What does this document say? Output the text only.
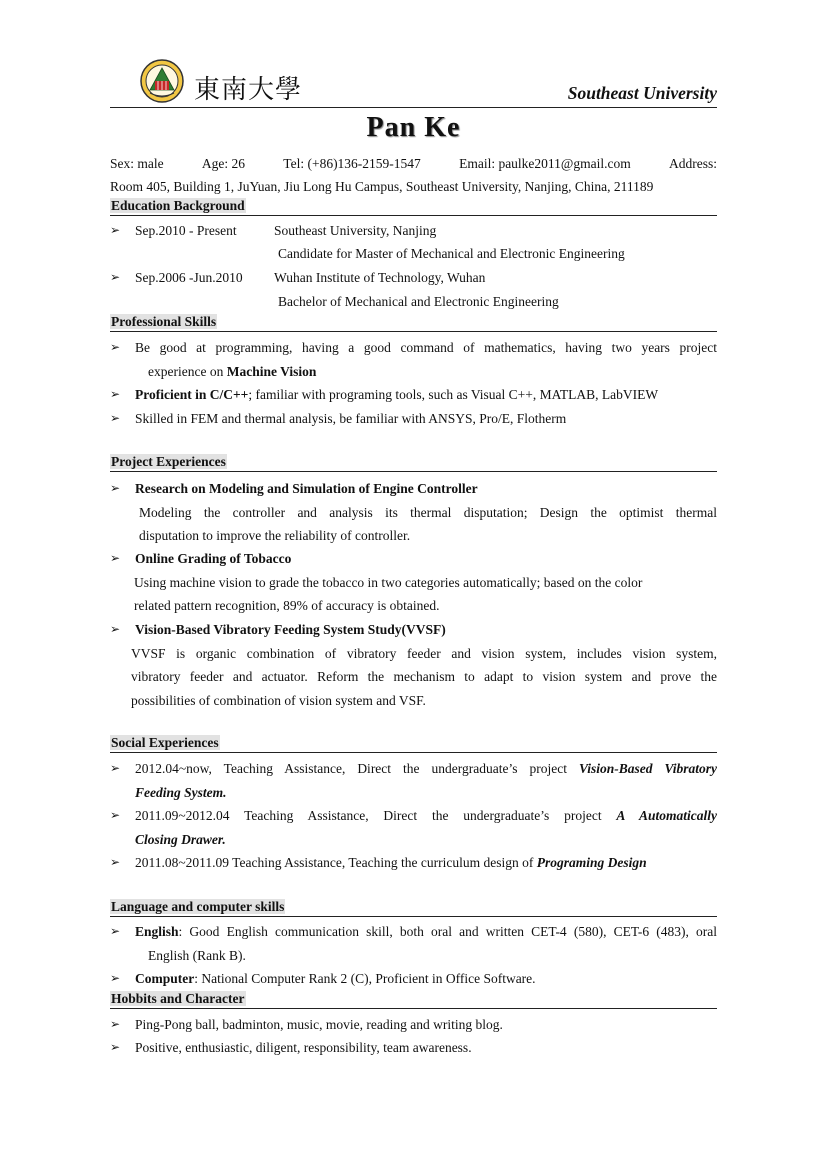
東南大學	Southeast University
Pan Ke
Sex: male	Age: 26	Tel: (+86)136-2159-1547	Email: paulke2011@gmail.com	Address:
Room 405, Building 1, JuYuan, Jiu Long Hu Campus, Southeast University, Nanjing, China, 211189
Education Background
➢ Sep.2010 - Present	Southeast University, Nanjing
Candidate for Master of Mechanical and Electronic Engineering
➢ Sep.2006 -Jun.2010 Wuhan Institute of Technology, Wuhan
Bachelor of Mechanical and Electronic Engineering
Professional Skills
➢ Be good at programming, having a good command of mathematics, having two years project
experience on Machine Vision
➢ Proficient in C/C++; familiar with programing tools, such as Visual C++, MATLAB, LabVIEW
➢ Skilled in FEM and thermal analysis, be familiar with ANSYS, Pro/E, Flotherm
Project Experiences
➢ Research on Modeling and Simulation of Engine Controller
Modeling the controller and analysis its thermal disputation; Design the optimist thermal
disputation to improve the reliability of controller.
➢ Online Grading of Tobacco
Using machine vision to grade the tobacco in two categories automatically; based on the color
related pattern recognition, 89% of accuracy is obtained.
➢ Vision-Based Vibratory Feeding System Study(VVSF)
VVSF is organic combination of vibratory feeder and vision system, includes vision system,
vibratory feeder and actuator. Reform the mechanism to adapt to vision system and prove the
possibilities of combination of vision system and VSF.
Social Experiences
➢ 2012.04~now, Teaching Assistance, Direct the undergraduate’s project Vision-Based Vibratory
Feeding System.
➢ 2011.09~2012.04 Teaching Assistance, Direct the undergraduate’s project A Automatically
Closing Drawer.
➢ 2011.08~2011.09 Teaching Assistance, Teaching the curriculum design of Programing Design
Language and computer skills
➢ English: Good English communication skill, both oral and written CET-4 (580), CET-6 (483), oral
English (Rank B).
➢ Computer: National Computer Rank 2 (C), Proficient in Office Software.
Hobbits and Character
➢ Ping-Pong ball, badminton, music, movie, reading and writing blog.
➢ Positive, enthusiastic, diligent, responsibility, team awareness.
